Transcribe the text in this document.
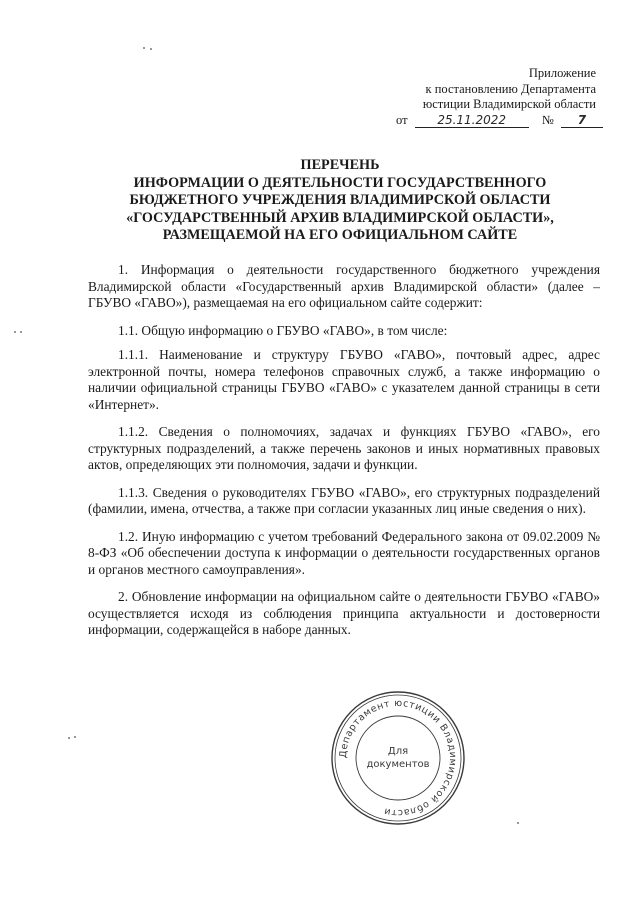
Приложение
к постановлению Департамента
юстиции Владимирской области
от 25.11.2022	№ 7
ПЕРЕЧЕНЬ
ИНФОРМАЦИИ О ДЕЯТЕЛЬНОСТИ ГОСУДАРСТВЕННОГО
БЮДЖЕТНОГО УЧРЕЖДЕНИЯ ВЛАДИМИРСКОЙ ОБЛАСТИ
«ГОСУДАРСТВЕННЫЙ АРХИВ ВЛАДИМИРСКОЙ ОБЛАСТИ»,
РАЗМЕЩАЕМОЙ НА ЕГО ОФИЦИАЛЬНОМ САЙТЕ

1. Информация о деятельности государственного бюджетного учреждения Владимирской области «Государственный архив Владимирской области» (далее – ГБУВО «ГАВО»), размещаемая на его официальном сайте содержит:

1.1. Общую информацию о ГБУВО «ГАВО», в том числе:

1.1.1. Наименование и структуру ГБУВО «ГАВО», почтовый адрес, адрес электронной почты, номера телефонов справочных служб, а также информацию о наличии официальной страницы ГБУВО «ГАВО» с указателем данной страницы в сети «Интернет».

1.1.2. Сведения о полномочиях, задачах и функциях ГБУВО «ГАВО», его структурных подразделений, а также перечень законов и иных нормативных правовых актов, определяющих эти полномочия, задачи и функции.

1.1.3. Сведения о руководителях ГБУВО «ГАВО», его структурных подразделений (фамилии, имена, отчества, а также при согласии указанных лиц иные сведения о них).

1.2. Иную информацию с учетом требований Федерального закона от 09.02.2009 № 8-ФЗ «Об обеспечении доступа к информации о деятельности государственных органов и органов местного самоуправления».

2. Обновление информации на официальном сайте о деятельности ГБУВО «ГАВО» осуществляется исходя из соблюдения принципа актуальности и достоверности информации, содержащейся в наборе данных.

Департамент юстиции Владимирской области
Для
документов
